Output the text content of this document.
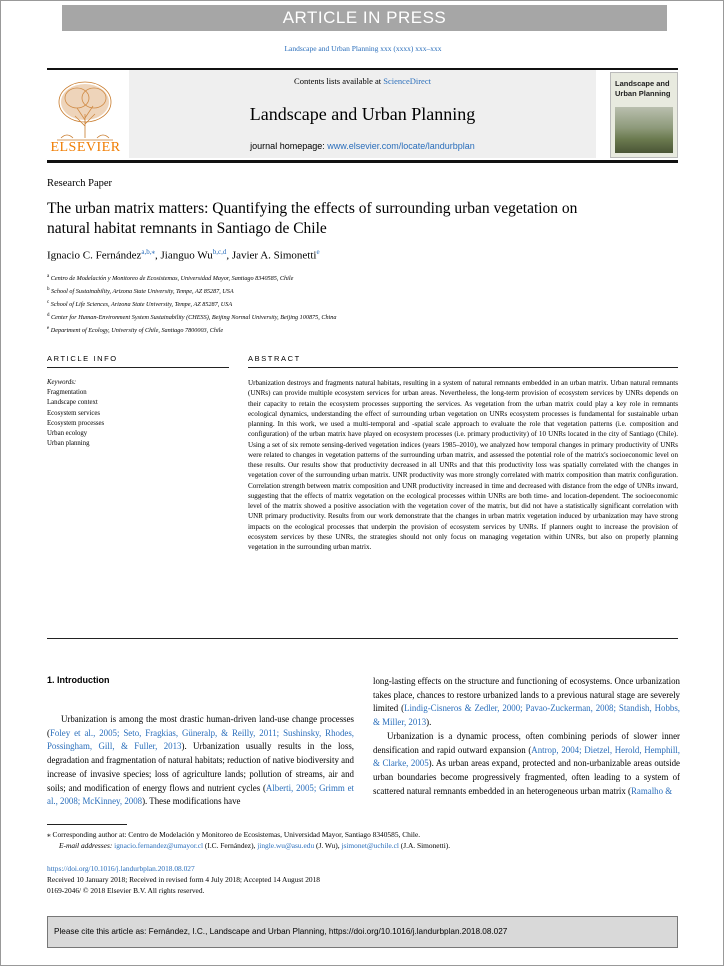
ARTICLE IN PRESS
Landscape and Urban Planning xxx (xxxx) xxx–xxx
ELSEVIER
Contents lists available at ScienceDirect
Landscape and Urban Planning
journal homepage: www.elsevier.com/locate/landurbplan
Landscape and
Urban Planning
Research Paper
The urban matrix matters: Quantifying the effects of surrounding urban vegetation on natural habitat remnants in Santiago de Chile
Ignacio C. Fernández$^{a,b,⁎}$, Jianguo Wu$^{b,c,d}$, Javier A. Simonetti$^e$
$^a$ Centro de Modelación y Monitoreo de Ecosistemas, Universidad Mayor, Santiago 8340585, Chile
$^b$ School of Sustainability, Arizona State University, Tempe, AZ 85287, USA
$^c$ School of Life Sciences, Arizona State University, Tempe, AZ 85287, USA
$^d$ Center for Human-Environment System Sustainability (CHESS), Beijing Normal University, Beijing 100875, China
$^e$ Department of Ecology, University of Chile, Santiago 7800003, Chile
ARTICLE INFO	ABSTRACT
Keywords:
Fragmentation
Landscape context
Ecosystem services
Ecosystem processes
Urban ecology
Urban planning
Urbanization destroys and fragments natural habitats, resulting in a system of natural remnants embedded in an urban matrix. Urban natural remnants (UNRs) can provide multiple ecosystem services for urban areas. Nevertheless, the long-term provision of ecosystem services by UNRs depends on their capacity to retain the ecosystem processes supporting the services. As vegetation from the urban matrix could play a key role in remnants ecological dynamics, understanding the effect of surrounding urban vegetation on UNRs ecosystem processes is fundamental for sustainable urban planning. In this work, we used a multi-temporal and -spatial scale approach to evaluate the role that vegetation patterns (i.e. composition and configuration) of the urban matrix have played on ecosystem processes (i.e. primary productivity) of 10 UNRs located in the city of Santiago (Chile). Using a set of six remote sensing-derived vegetation indices (years 1985–2010), we analyzed how temporal changes in primary productivity of UNRs were related to changes in vegetation patterns of the surrounding urban matrix, and assessed the potential role of the matrix's socioeconomic level on these results. Our results show that productivity decreased in all UNRs and that this productivity loss was spatially correlated with the changes in vegetation cover of the surrounding urban matrix. UNR productivity was more strongly correlated with matrix composition than matrix configuration. Correlation strength between matrix composition and UNR productivity increased in time and decreased with distance from the edge of UNRs inward, suggesting that the effects of matrix vegetation on the ecological processes within UNRs are both time- and location-dependent. The socioeconomic level of the matrix showed a positive association with the vegetation cover of the matrix, but did not have a statistically significant correlation with UNR primary productivity. Results from our work demonstrate that the changes in urban matrix vegetation induced by urbanization may have strong impacts on the ecological processes that underpin the provision of ecosystem services by UNRs. If planners ought to increase the provision of ecosystem services by these UNRs, the strategies should not only focus on managing vegetation within UNRs, but also on properly planning vegetation in the surrounding urban matrix.
1. Introduction

Urbanization is among the most drastic human-driven land-use change processes (Foley et al., 2005; Seto, Fragkias, Güneralp, & Reilly, 2011; Sushinsky, Rhodes, Possingham, Gill, & Fuller, 2013). Urbanization usually results in the loss, degradation and fragmentation of natural habitats; reduction of native biodiversity and increase of invasive species; loss of agriculture lands; pollution of streams, air and soils; and modification of energy flows and nutrient cycles (Alberti, 2005; Grimm et al., 2008; McKinney, 2008). These modifications have

long-lasting effects on the structure and functioning of ecosystems. Once urbanization takes place, chances to restore urbanized lands to a previous natural stage are severely limited (Lindig-Cisneros & Zedler, 2000; Pavao-Zuckerman, 2008; Standish, Hobbs, & Miller, 2013).

Urbanization is a dynamic process, often combining periods of slower inner densification and rapid outward expansion (Antrop, 2004; Dietzel, Herold, Hemphill, & Clarke, 2005). As urban areas expand, protected and non-urbanizable areas outside urban boundaries become progressively fragmented, often leading to a system of scattered natural remnants embedded in an heterogeneous urban matrix (Ramalho &

⁎ Corresponding author at: Centro de Modelación y Monitoreo de Ecosistemas, Universidad Mayor, Santiago 8340585, Chile.
E-mail addresses: ignacio.fernandez@umayor.cl (I.C. Fernández), jingle.wu@asu.edu (J. Wu), jsimonet@uchile.cl (J.A. Simonetti).
https://doi.org/10.1016/j.landurbplan.2018.08.027
Received 10 January 2018; Received in revised form 4 July 2018; Accepted 14 August 2018
0169-2046/ © 2018 Elsevier B.V. All rights reserved.
Please cite this article as: Fernández, I.C., Landscape and Urban Planning, https://doi.org/10.1016/j.landurbplan.2018.08.027
